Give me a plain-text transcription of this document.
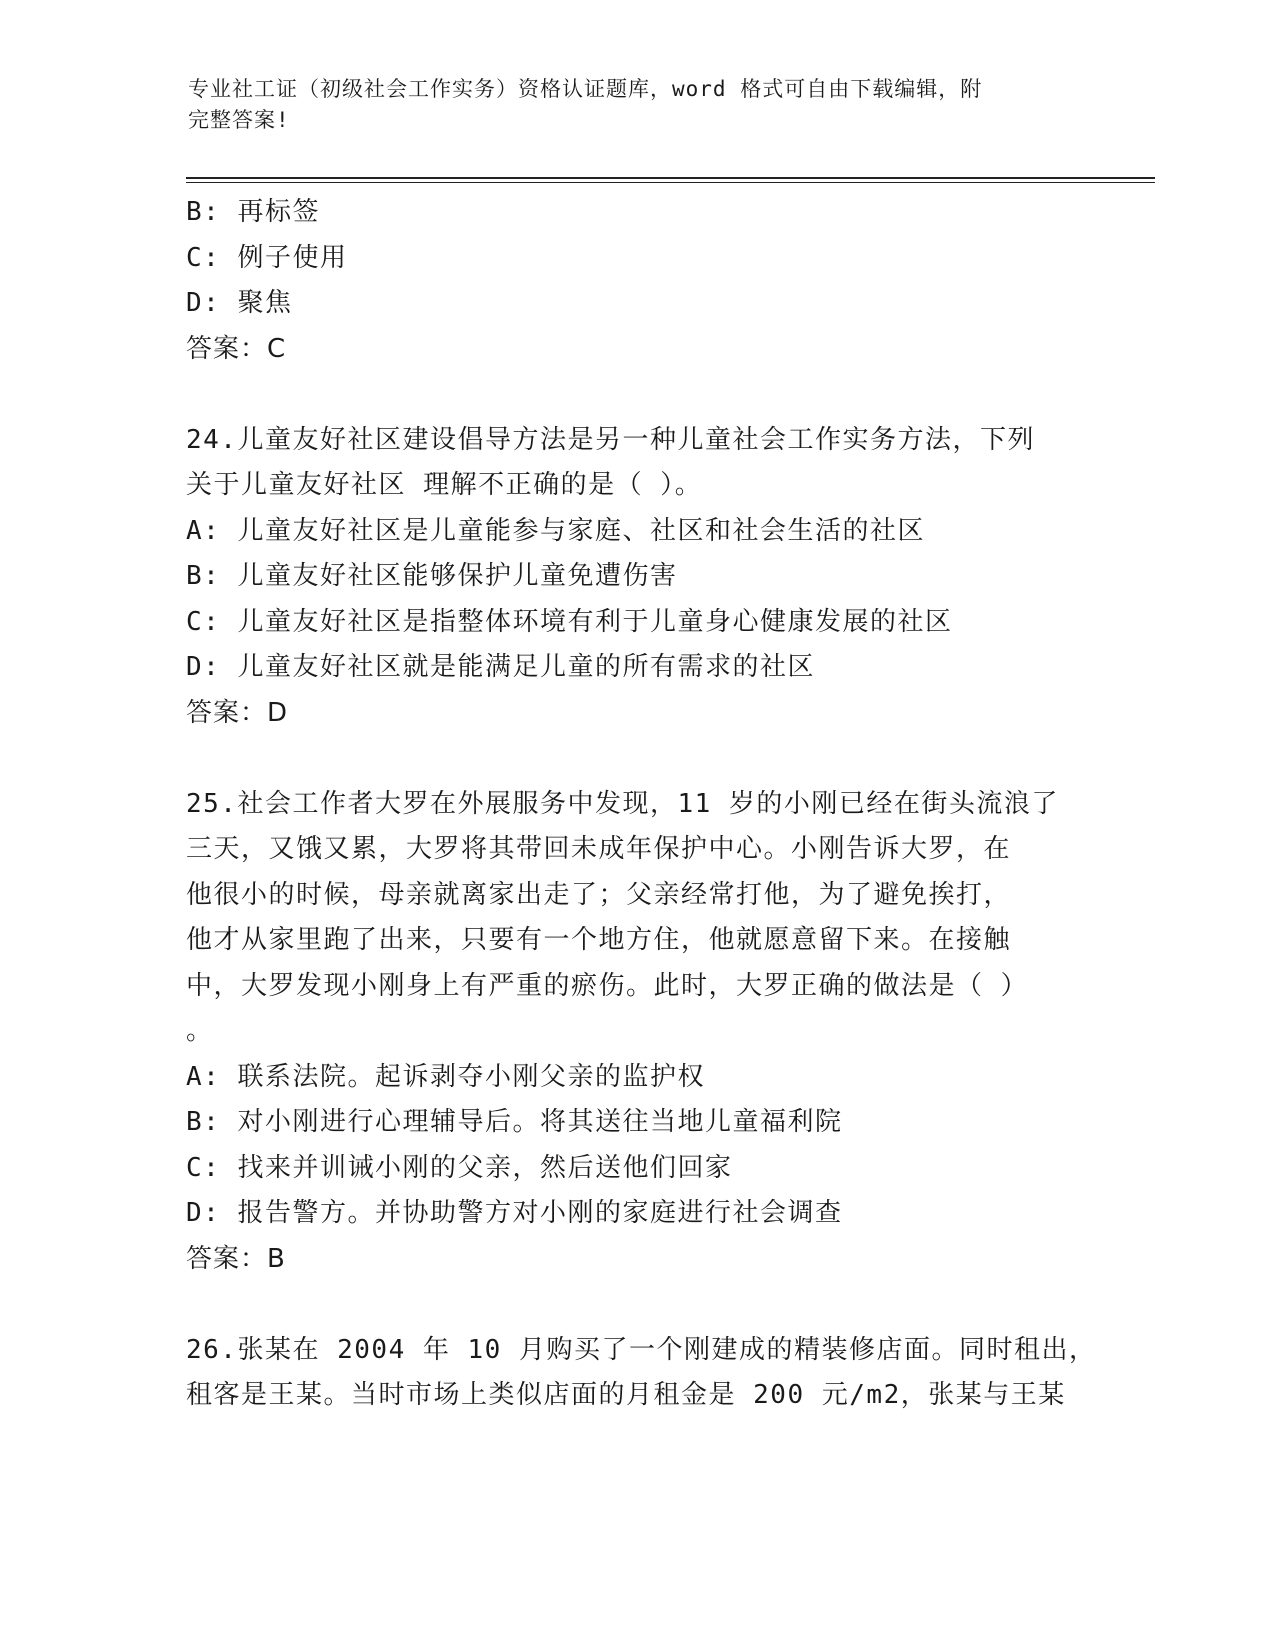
专业社工证（初级社会工作实务）资格认证题库，word 格式可自由下载编辑，附
完整答案!
B: 再标签
C: 例子使用
D: 聚焦
答案：C
24.儿童友好社区建设倡导方法是另一种儿童社会工作实务方法，下列
关于儿童友好社区 理解不正确的是（ ）。
A: 儿童友好社区是儿童能参与家庭、社区和社会生活的社区
B: 儿童友好社区能够保护儿童免遭伤害
C: 儿童友好社区是指整体环境有利于儿童身心健康发展的社区
D: 儿童友好社区就是能满足儿童的所有需求的社区
答案：D
25.社会工作者大罗在外展服务中发现，11 岁的小刚已经在街头流浪了
三天，又饿又累，大罗将其带回未成年保护中心。小刚告诉大罗，在
他很小的时候，母亲就离家出走了；父亲经常打他，为了避免挨打，
他才从家里跑了出来，只要有一个地方住，他就愿意留下来。在接触
中，大罗发现小刚身上有严重的瘀伤。此时，大罗正确的做法是（ ）
。
A: 联系法院。起诉剥夺小刚父亲的监护权
B: 对小刚进行心理辅导后。将其送往当地儿童福利院
C: 找来并训诫小刚的父亲，然后送他们回家
D: 报告警方。并协助警方对小刚的家庭进行社会调查
答案：B
26.张某在 2004 年 10 月购买了一个刚建成的精装修店面。同时租出，
租客是王某。当时市场上类似店面的月租金是 200 元/m2，张某与王某
